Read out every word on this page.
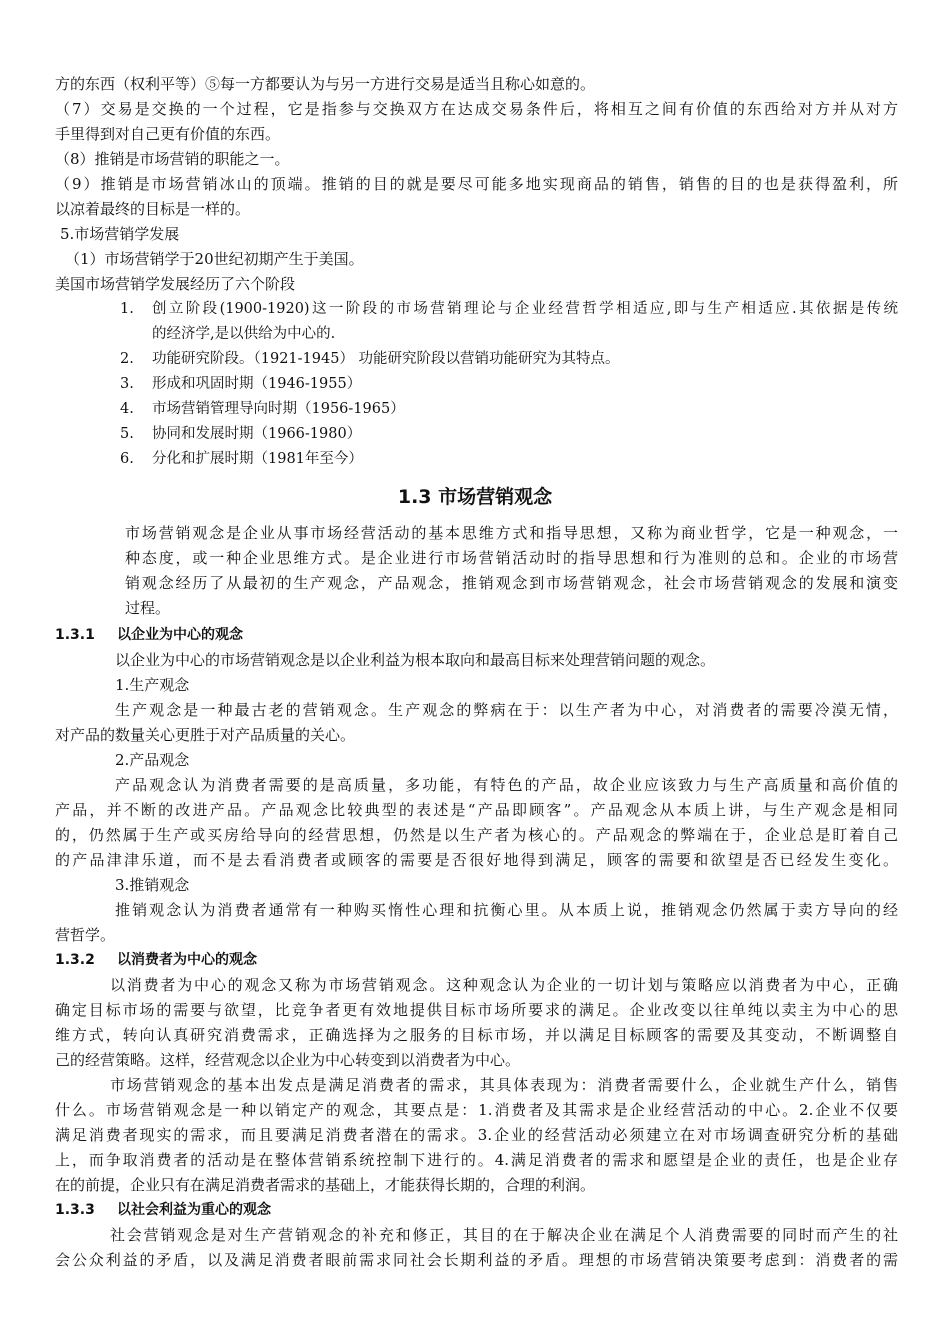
方的东西（权利平等）⑤每一方都要认为与另一方进行交易是适当且称心如意的。
（7）交易是交换的一个过程，它是指参与交换双方在达成交易条件后，将相互之间有价值的东西给对方并从对方
手里得到对自己更有价值的东西。
（8）推销是市场营销的职能之一。
（9）推销是市场营销冰山的顶端。推销的目的就是要尽可能多地实现商品的销售，销售的目的也是获得盈利，所
以凉着最终的目标是一样的。
5.市场营销学发展
（1）市场营销学于20世纪初期产生于美国。
美国市场营销学发展经历了六个阶段
1.	创立阶段(1900-1920)这一阶段的市场营销理论与企业经营哲学相适应,即与生产相适应.其依据是传统
的经济学,是以供给为中心的.
2.	功能研究阶段。（1921-1945） 功能研究阶段以营销功能研究为其特点。
3.	形成和巩固时期（1946-1955）
4.	市场营销管理导向时期（1956-1965）
5.	协同和发展时期（1966-1980）
6.	分化和扩展时期（1981年至今）
1.3 市场营销观念
市场营销观念是企业从事市场经营活动的基本思维方式和指导思想，又称为商业哲学，它是一种观念，一
种态度，或一种企业思维方式。是企业进行市场营销活动时的指导思想和行为准则的总和。企业的市场营
销观念经历了从最初的生产观念，产品观念，推销观念到市场营销观念，社会市场营销观念的发展和演变
过程。
1.3.1 以企业为中心的观念
以企业为中心的市场营销观念是以企业利益为根本取向和最高目标来处理营销问题的观念。
1.生产观念
生产观念是一种最古老的营销观念。生产观念的弊病在于：以生产者为中心，对消费者的需要冷漠无情，
对产品的数量关心更胜于对产品质量的关心。
2.产品观念
产品观念认为消费者需要的是高质量，多功能，有特色的产品，故企业应该致力与生产高质量和高价值的
产品，并不断的改进产品。产品观念比较典型的表述是“产品即顾客”。产品观念从本质上讲，与生产观念是相同
的，仍然属于生产或买房给导向的经营思想，仍然是以生产者为核心的。产品观念的弊端在于，企业总是盯着自己
的产品津津乐道，而不是去看消费者或顾客的需要是否很好地得到满足，顾客的需要和欲望是否已经发生变化。
3.推销观念
推销观念认为消费者通常有一种购买惰性心理和抗衡心里。从本质上说，推销观念仍然属于卖方导向的经
营哲学。
1.3.2 以消费者为中心的观念
以消费者为中心的观念又称为市场营销观念。这种观念认为企业的一切计划与策略应以消费者为中心，正确
确定目标市场的需要与欲望，比竞争者更有效地提供目标市场所要求的满足。企业改变以往单纯以卖主为中心的思
维方式，转向认真研究消费需求，正确选择为之服务的目标市场，并以满足目标顾客的需要及其变动，不断调整自
己的经营策略。这样，经营观念以企业为中心转变到以消费者为中心。
市场营销观念的基本出发点是满足消费者的需求，其具体表现为：消费者需要什么，企业就生产什么，销售
什么。市场营销观念是一种以销定产的观念，其要点是：1.消费者及其需求是企业经营活动的中心。2.企业不仅要
满足消费者现实的需求，而且要满足消费者潜在的需求。3.企业的经营活动必须建立在对市场调查研究分析的基础
上，而争取消费者的活动是在整体营销系统控制下进行的。4.满足消费者的需求和愿望是企业的责任，也是企业存
在的前提，企业只有在满足消费者需求的基础上，才能获得长期的，合理的利润。
1.3.3 以社会利益为重心的观念
社会营销观念是对生产营销观念的补充和修正，其目的在于解决企业在满足个人消费需要的同时而产生的社
会公众利益的矛盾，以及满足消费者眼前需求同社会长期利益的矛盾。理想的市场营销决策要考虑到：消费者的需
